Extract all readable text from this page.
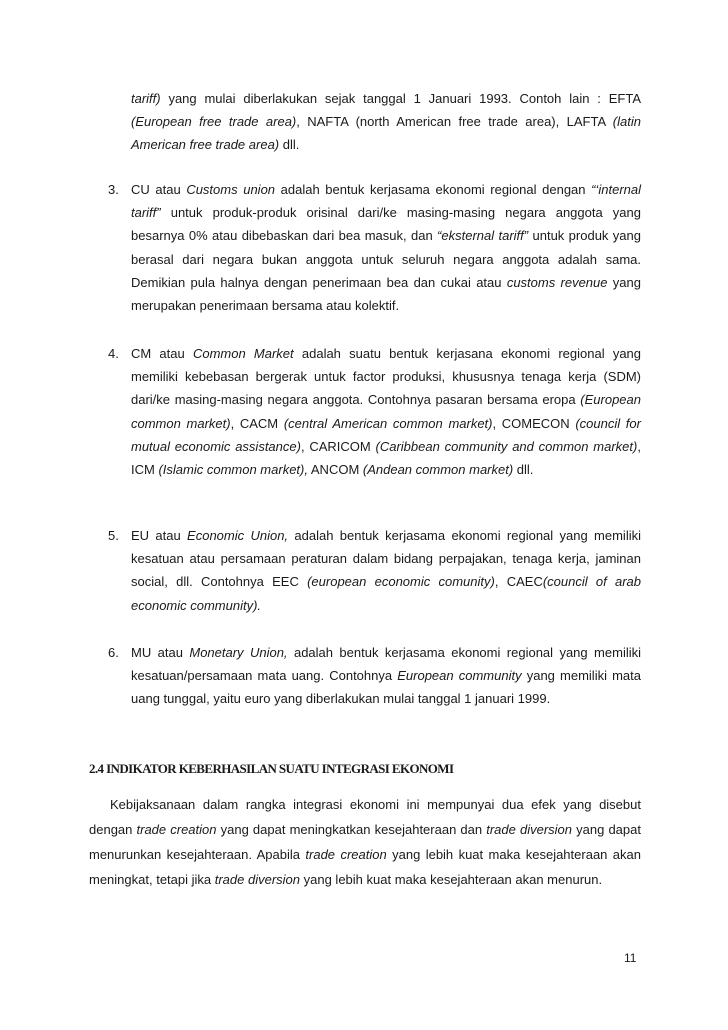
tariff) yang mulai diberlakukan sejak tanggal 1 Januari 1993. Contoh lain : EFTA (European free trade area), NAFTA (north American free trade area), LAFTA (latin American free trade area) dll.
3. CU atau Customs union adalah bentuk kerjasama ekonomi regional dengan “‘internal tariff” untuk produk-produk orisinal dari/ke masing-masing negara anggota yang besarnya 0% atau dibebaskan dari bea masuk, dan “eksternal tariff” untuk produk yang berasal dari negara bukan anggota untuk seluruh negara anggota adalah sama. Demikian pula halnya dengan penerimaan bea dan cukai atau customs revenue yang merupakan penerimaan bersama atau kolektif.
4. CM atau Common Market adalah suatu bentuk kerjasana ekonomi regional yang memiliki kebebasan bergerak untuk factor produksi, khususnya tenaga kerja (SDM) dari/ke masing-masing negara anggota. Contohnya pasaran bersama eropa (European common market), CACM (central American common market), COMECON (council for mutual economic assistance), CARICOM (Caribbean community and common market), ICM (Islamic common market), ANCOM (Andean common market) dll.
5. EU atau Economic Union, adalah bentuk kerjasama ekonomi regional yang memiliki kesatuan atau persamaan peraturan dalam bidang perpajakan, tenaga kerja, jaminan social, dll. Contohnya EEC (european economic comunity), CAEC(council of arab economic community).
6. MU atau Monetary Union, adalah bentuk kerjasama ekonomi regional yang memiliki kesatuan/persamaan mata uang. Contohnya European community yang memiliki mata uang tunggal, yaitu euro yang diberlakukan mulai tanggal 1 januari 1999.
2.4 INDIKATOR KEBERHASILAN SUATU INTEGRASI EKONOMI
Kebijaksanaan dalam rangka integrasi ekonomi ini mempunyai dua efek yang disebut dengan trade creation yang dapat meningkatkan kesejahteraan dan trade diversion yang dapat menurunkan kesejahteraan. Apabila trade creation yang lebih kuat maka kesejahteraan akan meningkat, tetapi jika trade diversion yang lebih kuat maka kesejahteraan akan menurun.
11
